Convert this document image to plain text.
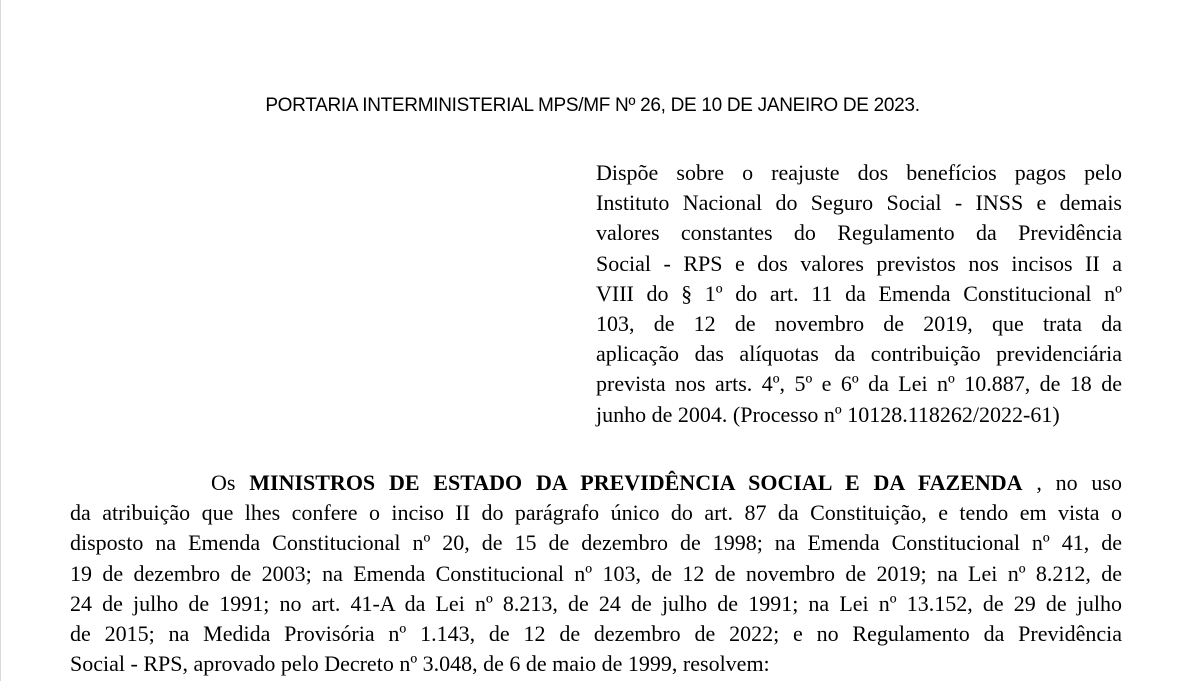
PORTARIA INTERMINISTERIAL MPS/MF Nº 26, DE 10 DE JANEIRO DE 2023.
Dispõe sobre o reajuste dos benefícios pagos pelo
Instituto Nacional do Seguro Social - INSS e demais
valores constantes do Regulamento da Previdência
Social - RPS e dos valores previstos nos incisos II a
VIII do § 1º do art. 11 da Emenda Constitucional nº
103, de 12 de novembro de 2019, que trata da
aplicação das alíquotas da contribuição previdenciária
prevista nos arts. 4º, 5º e 6º da Lei nº 10.887, de 18 de
junho de 2004. (Processo nº 10128.118262/2022-61)
Os MINISTROS DE ESTADO DA PREVIDÊNCIA SOCIAL E DA FAZENDA , no uso
da atribuição que lhes confere o inciso II do parágrafo único do art. 87 da Constituição, e tendo em vista o
disposto na Emenda Constitucional nº 20, de 15 de dezembro de 1998; na Emenda Constitucional nº 41, de
19 de dezembro de 2003; na Emenda Constitucional nº 103, de 12 de novembro de 2019; na Lei nº 8.212, de
24 de julho de 1991; no art. 41-A da Lei nº 8.213, de 24 de julho de 1991; na Lei nº 13.152, de 29 de julho
de 2015; na Medida Provisória nº 1.143, de 12 de dezembro de 2022; e no Regulamento da Previdência
Social - RPS, aprovado pelo Decreto nº 3.048, de 6 de maio de 1999, resolvem:
